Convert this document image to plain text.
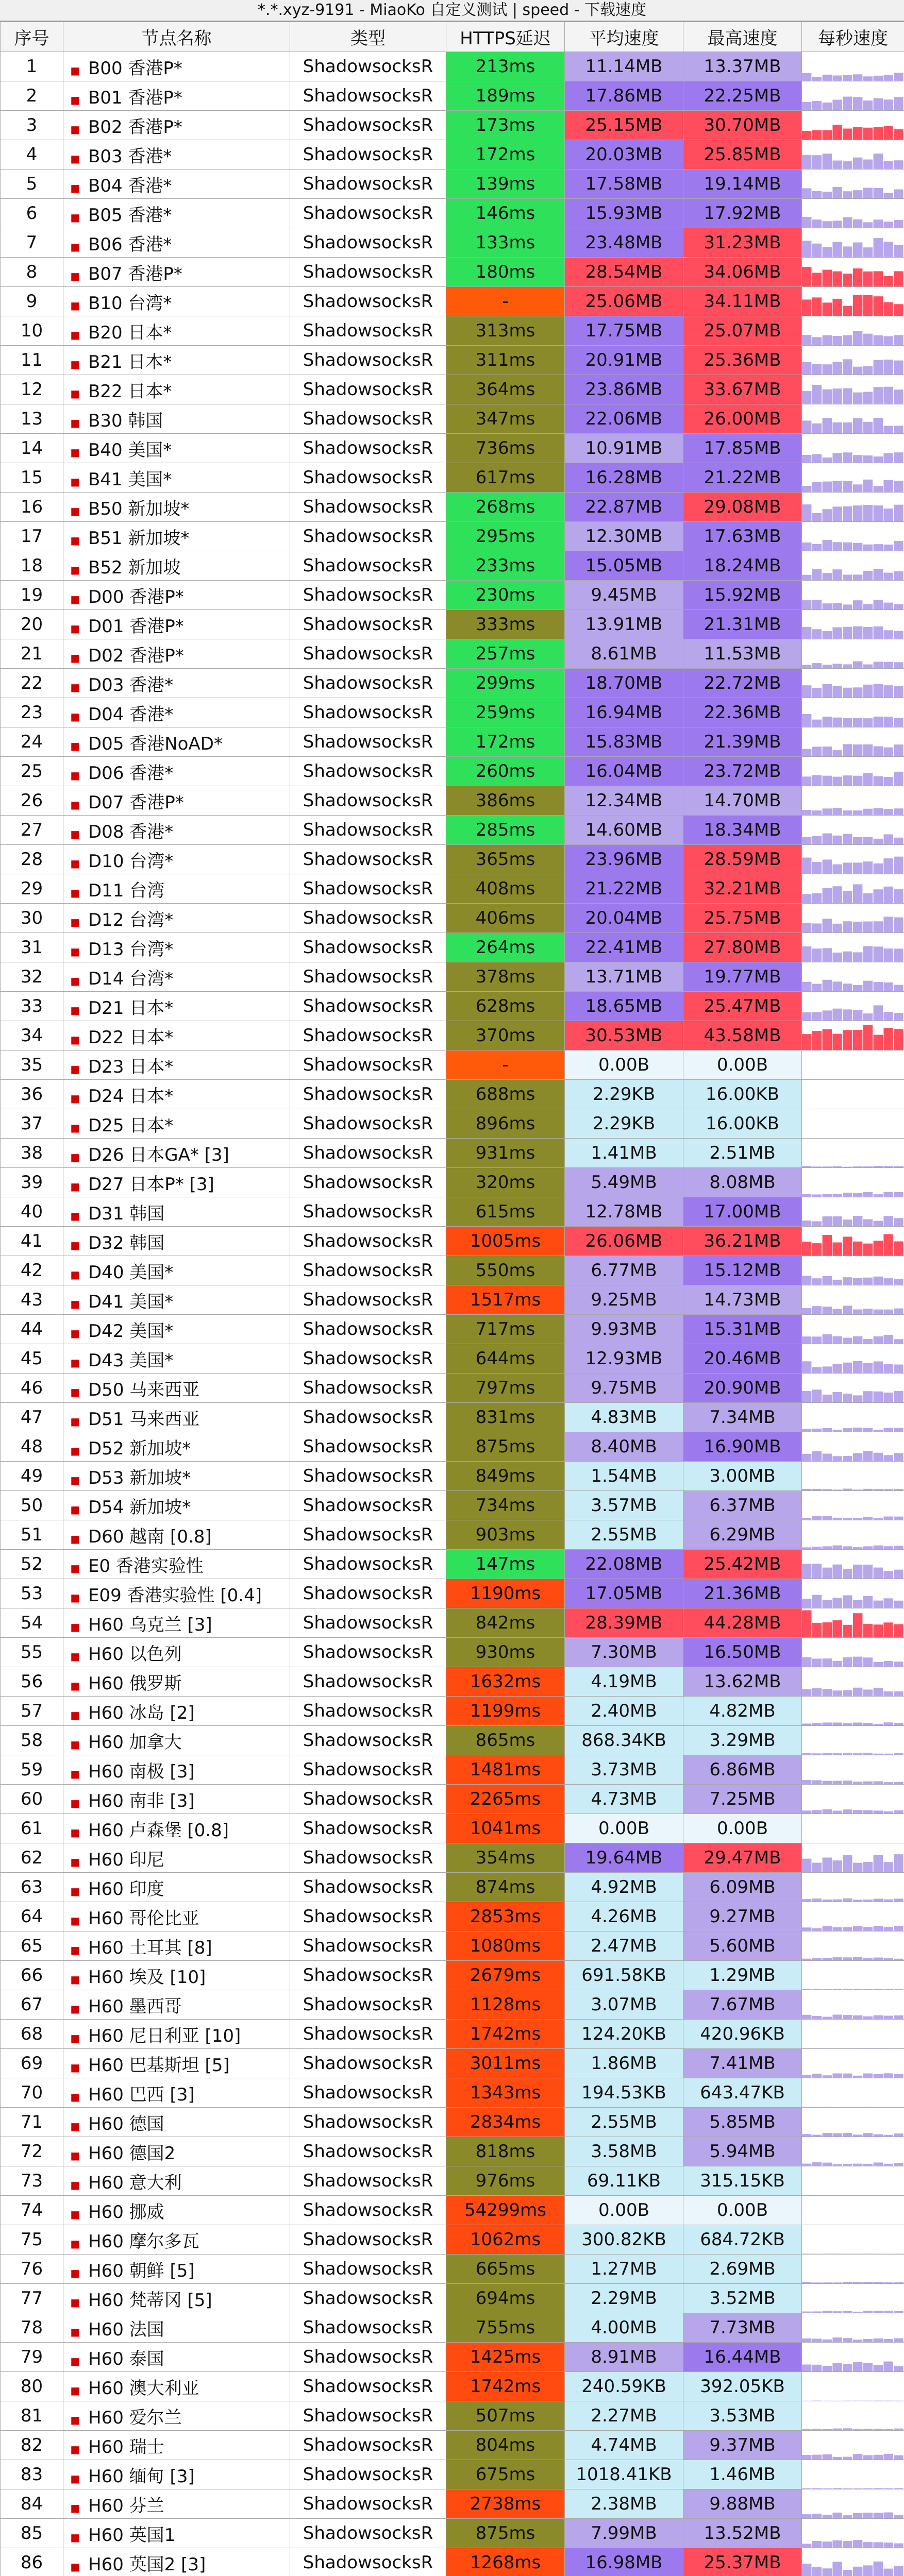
*.*.xyz-9191 - MiaoKo 自定义测试 | speed - 下载速度
序号	节点名称	类型	HTTPS延迟	平均速度	最高速度	每秒速度
1	■ B00 香港P*	ShadowsocksR	213ms	11.14MB	13.37MB	

2	■ B01 香港P*	ShadowsocksR	189ms	17.86MB	22.25MB	

3	■ B02 香港P*	ShadowsocksR	173ms	25.15MB	30.70MB	

4	■ B03 香港*	ShadowsocksR	172ms	20.03MB	25.85MB	

5	■ B04 香港*	ShadowsocksR	139ms	17.58MB	19.14MB	

6	■ B05 香港*	ShadowsocksR	146ms	15.93MB	17.92MB	

7	■ B06 香港*	ShadowsocksR	133ms	23.48MB	31.23MB	

8	■ B07 香港P*	ShadowsocksR	180ms	28.54MB	34.06MB	

9	■ B10 台湾*	ShadowsocksR	-	25.06MB	34.11MB	

10	■ B20 日本*	ShadowsocksR	313ms	17.75MB	25.07MB	

11	■ B21 日本*	ShadowsocksR	311ms	20.91MB	25.36MB	

12	■ B22 日本*	ShadowsocksR	364ms	23.86MB	33.67MB	

13	■ B30 韩国	ShadowsocksR	347ms	22.06MB	26.00MB	

14	■ B40 美国*	ShadowsocksR	736ms	10.91MB	17.85MB	

15	■ B41 美国*	ShadowsocksR	617ms	16.28MB	21.22MB	

16	■ B50 新加坡*	ShadowsocksR	268ms	22.87MB	29.08MB	

17	■ B51 新加坡*	ShadowsocksR	295ms	12.30MB	17.63MB	

18	■ B52 新加坡	ShadowsocksR	233ms	15.05MB	18.24MB	

19	■ D00 香港P*	ShadowsocksR	230ms	9.45MB	15.92MB	

20	■ D01 香港P*	ShadowsocksR	333ms	13.91MB	21.31MB	

21	■ D02 香港P*	ShadowsocksR	257ms	8.61MB	11.53MB	

22	■ D03 香港*	ShadowsocksR	299ms	18.70MB	22.72MB	

23	■ D04 香港*	ShadowsocksR	259ms	16.94MB	22.36MB	

24	■ D05 香港NoAD*	ShadowsocksR	172ms	15.83MB	21.39MB	

25	■ D06 香港*	ShadowsocksR	260ms	16.04MB	23.72MB	

26	■ D07 香港P*	ShadowsocksR	386ms	12.34MB	14.70MB	

27	■ D08 香港*	ShadowsocksR	285ms	14.60MB	18.34MB	

28	■ D10 台湾*	ShadowsocksR	365ms	23.96MB	28.59MB	

29	■ D11 台湾	ShadowsocksR	408ms	21.22MB	32.21MB	

30	■ D12 台湾*	ShadowsocksR	406ms	20.04MB	25.75MB	

31	■ D13 台湾*	ShadowsocksR	264ms	22.41MB	27.80MB	

32	■ D14 台湾*	ShadowsocksR	378ms	13.71MB	19.77MB	

33	■ D21 日本*	ShadowsocksR	628ms	18.65MB	25.47MB	

34	■ D22 日本*	ShadowsocksR	370ms	30.53MB	43.58MB	

35	■ D23 日本*	ShadowsocksR	-	0.00B	0.00B	

36	■ D24 日本*	ShadowsocksR	688ms	2.29KB	16.00KB	

37	■ D25 日本*	ShadowsocksR	896ms	2.29KB	16.00KB	

38	■ D26 日本GA* [3]	ShadowsocksR	931ms	1.41MB	2.51MB	

39	■ D27 日本P* [3]	ShadowsocksR	320ms	5.49MB	8.08MB	

40	■ D31 韩国	ShadowsocksR	615ms	12.78MB	17.00MB	

41	■ D32 韩国	ShadowsocksR	1005ms	26.06MB	36.21MB	

42	■ D40 美国*	ShadowsocksR	550ms	6.77MB	15.12MB	

43	■ D41 美国*	ShadowsocksR	1517ms	9.25MB	14.73MB	

44	■ D42 美国*	ShadowsocksR	717ms	9.93MB	15.31MB	

45	■ D43 美国*	ShadowsocksR	644ms	12.93MB	20.46MB	

46	■ D50 马来西亚	ShadowsocksR	797ms	9.75MB	20.90MB	

47	■ D51 马来西亚	ShadowsocksR	831ms	4.83MB	7.34MB	

48	■ D52 新加坡*	ShadowsocksR	875ms	8.40MB	16.90MB	

49	■ D53 新加坡*	ShadowsocksR	849ms	1.54MB	3.00MB	

50	■ D54 新加坡*	ShadowsocksR	734ms	3.57MB	6.37MB	

51	■ D60 越南 [0.8]	ShadowsocksR	903ms	2.55MB	6.29MB	

52	■ E0 香港实验性	ShadowsocksR	147ms	22.08MB	25.42MB	

53	■ E09 香港实验性 [0.4]	ShadowsocksR	1190ms	17.05MB	21.36MB	

54	■ H60 乌克兰 [3]	ShadowsocksR	842ms	28.39MB	44.28MB	

55	■ H60 以色列	ShadowsocksR	930ms	7.30MB	16.50MB	

56	■ H60 俄罗斯	ShadowsocksR	1632ms	4.19MB	13.62MB	

57	■ H60 冰岛 [2]	ShadowsocksR	1199ms	2.40MB	4.82MB	

58	■ H60 加拿大	ShadowsocksR	865ms	868.34KB	3.29MB	

59	■ H60 南极 [3]	ShadowsocksR	1481ms	3.73MB	6.86MB	

60	■ H60 南非 [3]	ShadowsocksR	2265ms	4.73MB	7.25MB	

61	■ H60 卢森堡 [0.8]	ShadowsocksR	1041ms	0.00B	0.00B	

62	■ H60 印尼	ShadowsocksR	354ms	19.64MB	29.47MB	

63	■ H60 印度	ShadowsocksR	874ms	4.92MB	6.09MB	

64	■ H60 哥伦比亚	ShadowsocksR	2853ms	4.26MB	9.27MB	

65	■ H60 土耳其 [8]	ShadowsocksR	1080ms	2.47MB	5.60MB	

66	■ H60 埃及 [10]	ShadowsocksR	2679ms	691.58KB	1.29MB	

67	■ H60 墨西哥	ShadowsocksR	1128ms	3.07MB	7.67MB	

68	■ H60 尼日利亚 [10]	ShadowsocksR	1742ms	124.20KB	420.96KB	

69	■ H60 巴基斯坦 [5]	ShadowsocksR	3011ms	1.86MB	7.41MB	

70	■ H60 巴西 [3]	ShadowsocksR	1343ms	194.53KB	643.47KB	

71	■ H60 德国	ShadowsocksR	2834ms	2.55MB	5.85MB	

72	■ H60 德国2	ShadowsocksR	818ms	3.58MB	5.94MB	

73	■ H60 意大利	ShadowsocksR	976ms	69.11KB	315.15KB	

74	■ H60 挪威	ShadowsocksR	54299ms	0.00B	0.00B	

75	■ H60 摩尔多瓦	ShadowsocksR	1062ms	300.82KB	684.72KB	

76	■ H60 朝鲜 [5]	ShadowsocksR	665ms	1.27MB	2.69MB	

77	■ H60 梵蒂冈 [5]	ShadowsocksR	694ms	2.29MB	3.52MB	

78	■ H60 法国	ShadowsocksR	755ms	4.00MB	7.73MB	

79	■ H60 泰国	ShadowsocksR	1425ms	8.91MB	16.44MB	

80	■ H60 澳大利亚	ShadowsocksR	1742ms	240.59KB	392.05KB	

81	■ H60 爱尔兰	ShadowsocksR	507ms	2.27MB	3.53MB	

82	■ H60 瑞士	ShadowsocksR	804ms	4.74MB	9.37MB	

83	■ H60 缅甸 [3]	ShadowsocksR	675ms	1018.41KB	1.46MB	

84	■ H60 芬兰	ShadowsocksR	2738ms	2.38MB	9.88MB	

85	■ H60 英国1	ShadowsocksR	875ms	7.99MB	13.52MB	

86	■ H60 英国2 [3]	ShadowsocksR	1268ms	16.98MB	25.37MB	
